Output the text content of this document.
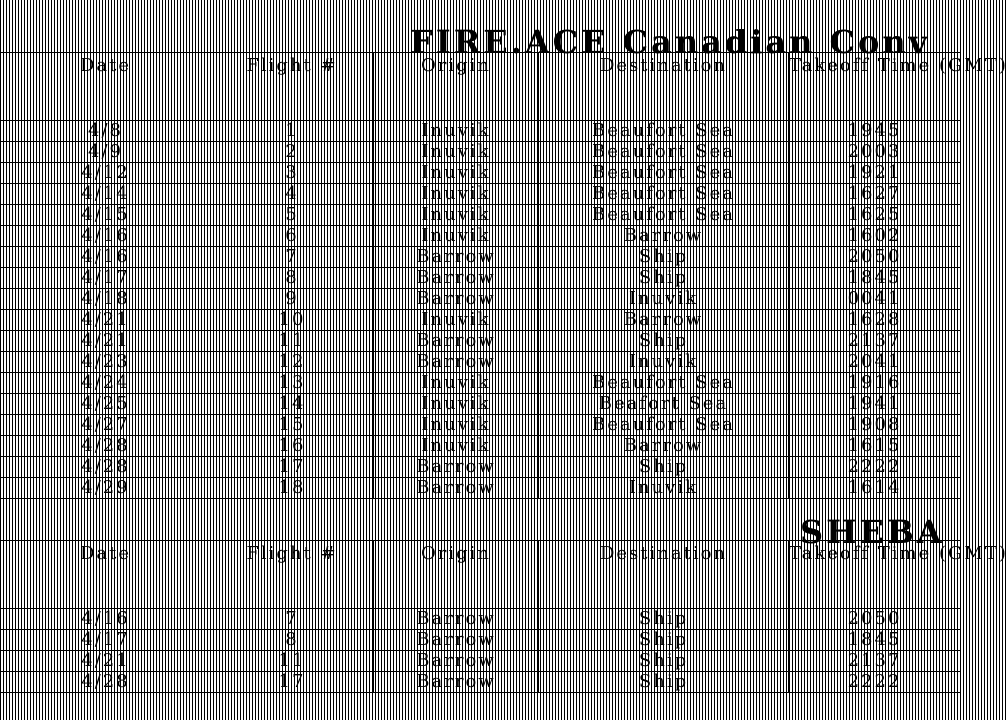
FIRE.ACE Canadian Conv
Date	Flight #	Origin	Destination	Takeoff Time (GMT)
4/8	1	Inuvik	Beaufort Sea	1945
4/9	2	Inuvik	Beaufort Sea	2003
4/12	3	Inuvik	Beaufort Sea	1921
4/14	4	Inuvik	Beaufort Sea	1627
4/15	5	Inuvik	Beaufort Sea	1625
4/16	6	Inuvik	Barrow	1602
4/16	7	Barrow	Ship	2050
4/17	8	Barrow	Ship	1845
4/18	9	Barrow	Inuvik	0041
4/21	10	Inuvik	Barrow	1628
4/21	11	Barrow	Ship	2137
4/23	12	Barrow	Inuvik	2041
4/24	13	Inuvik	Beaufort Sea	1916
4/25	14	Inuvik	Beafort Sea	1941
4/27	15	Inuvik	Beaufort Sea	1908
4/28	16	Inuvik	Barrow	1615
4/28	17	Barrow	Ship	2222
4/29	18	Barrow	Inuvik	1614
SHEBA
Date	Flight #	Origin	Destination	Takeoff Time (GMT)
4/16	7	Barrow	Ship	2050
4/17	8	Barrow	Ship	1845
4/21	11	Barrow	Ship	2137
4/28	17	Barrow	Ship	2222
